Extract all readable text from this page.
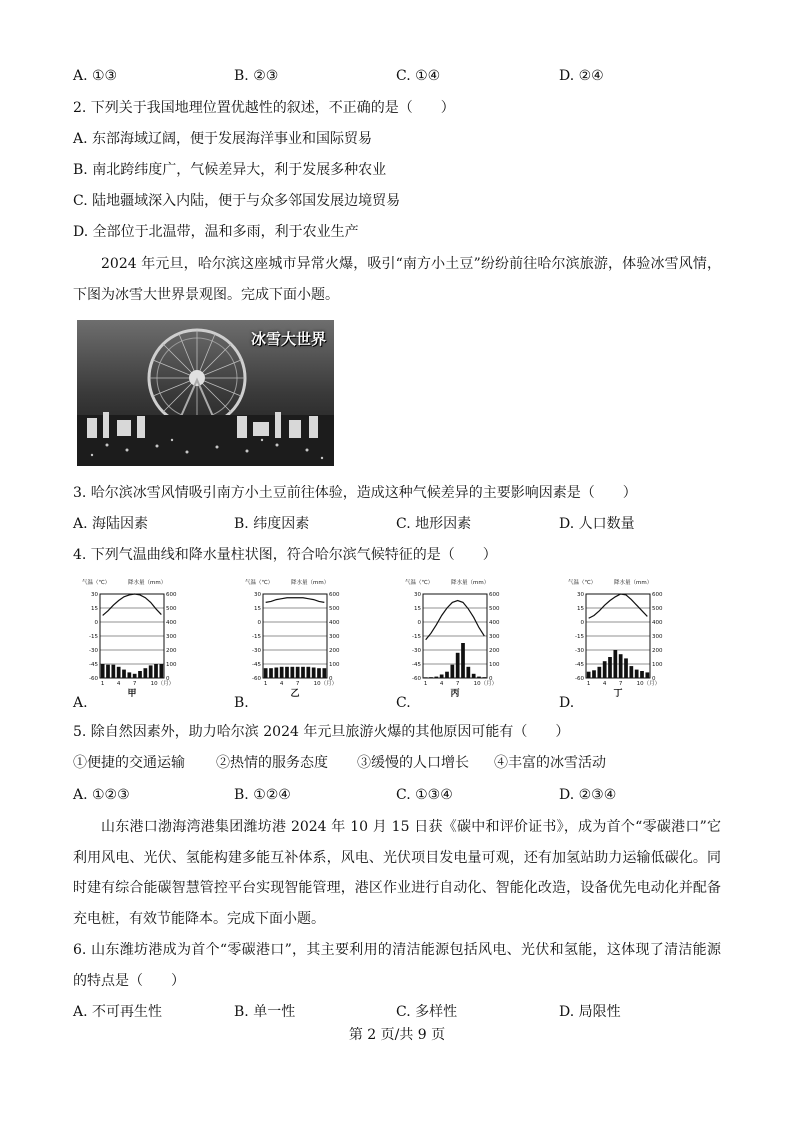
A. ①③	B. ②③	C. ①④	D. ②④
2. 下列关于我国地理位置优越性的叙述，不正确的是（　　）
A. 东部海域辽阔，便于发展海洋事业和国际贸易
B. 南北跨纬度广，气候差异大，利于发展多种农业
C. 陆地疆域深入内陆，便于与众多邻国发展边境贸易
D. 全部位于北温带，温和多雨，利于农业生产
2024 年元旦，哈尔滨这座城市异常火爆，吸引“南方小土豆”纷纷前往哈尔滨旅游，体验冰雪风情，下图为冰雪大世界景观图。完成下面小题。
冰雪大世界
3. 哈尔滨冰雪风情吸引南方小土豆前往体验，造成这种气候差异的主要影响因素是（　　）
A. 海陆因素	B. 纬度因素	C. 地形因素	D. 人口数量
4. 下列气温曲线和降水量柱状图，符合哈尔滨气候特征的是（　　）
气温（℃）	降水量（mm）
30	600
15	500
0	400
-15	300
-30	200
-45	100
-60	0
1 4 7	10（月）
甲
气温（℃）	降水量（mm）
30	600
15	500
0	400
-15	300
-30	200
-45	100
-60	0
1 4 7	10（月）
乙
气温（℃）	降水量（mm）
30	600
15	500
0	400
-15	300
-30	200
-45	100
-60	0
1 4 7	10（月）
丙
气温（℃）	降水量（mm）
30	600
15	500
0	400
-15	300
-30	200
-45	100
-60	0
1 4 7	10（月）
丁
A.	B.	C.	D.
5. 除自然因素外，助力哈尔滨 2024 年元旦旅游火爆的其他原因可能有（　　）
①便捷的交通运输 ②热情的服务态度 ③缓慢的人口增长 ④丰富的冰雪活动
A. ①②③	B. ①②④	C. ①③④	D. ②③④
山东港口渤海湾港集团潍坊港 2024 年 10 月 15 日获《碳中和评价证书》，成为首个“零碳港口”它利用风电、光伏、氢能构建多能互补体系，风电、光伏项目发电量可观，还有加氢站助力运输低碳化。同时建有综合能碳智慧管控平台实现智能管理，港区作业进行自动化、智能化改造，设备优先电动化并配备充电桩，有效节能降本。完成下面小题。
6. 山东潍坊港成为首个“零碳港口”，其主要利用的清洁能源包括风电、光伏和氢能，这体现了清洁能源的特点是（　　）
A. 不可再生性	B. 单一性	C. 多样性	D. 局限性
第 2 页/共 9 页
